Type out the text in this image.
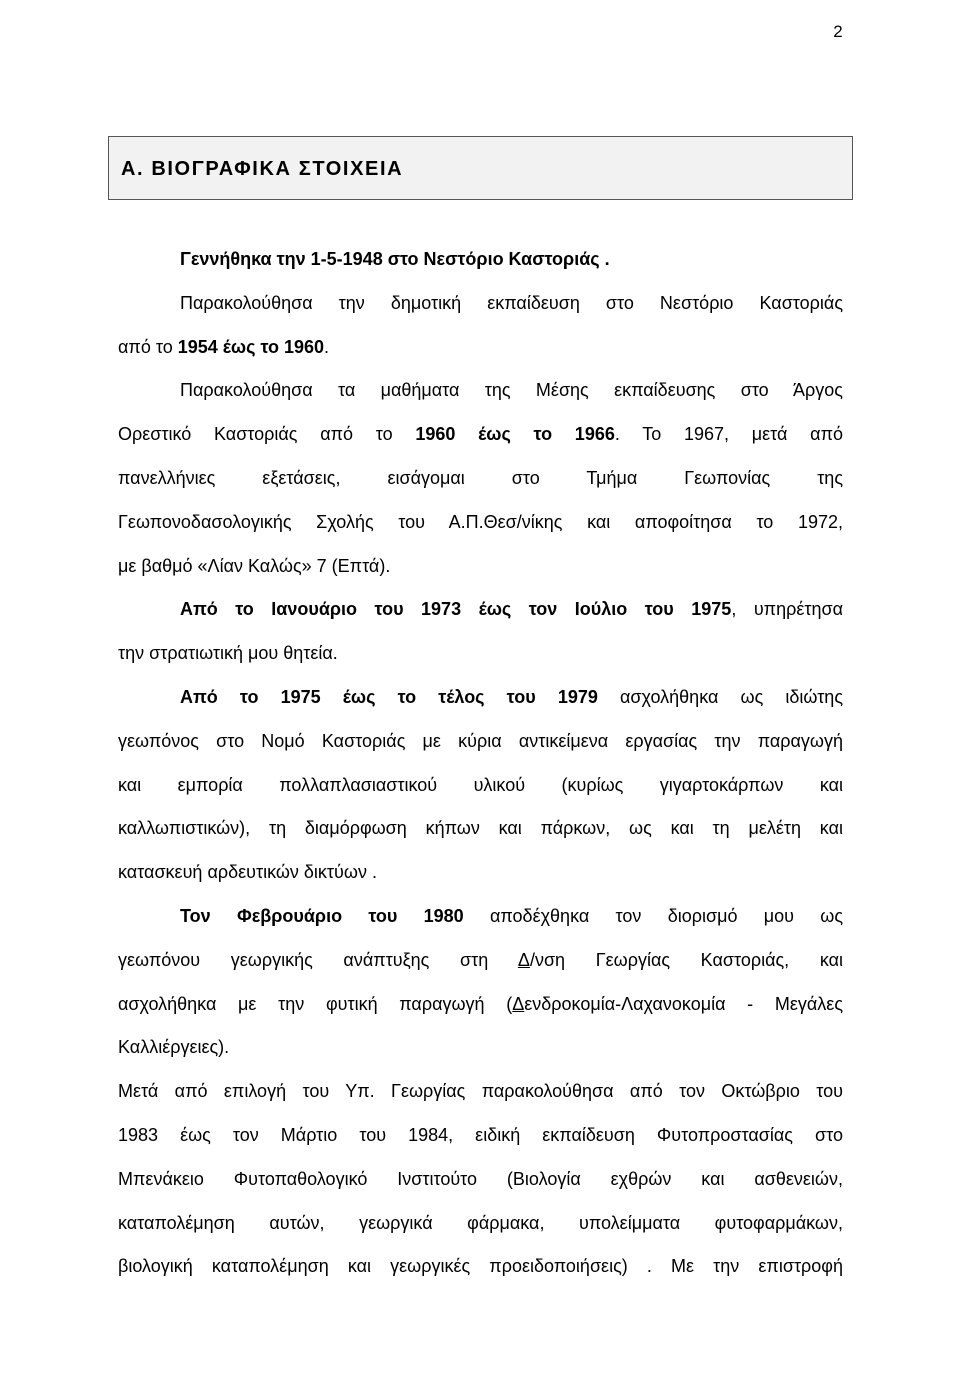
2
Α. ΒΙΟΓΡΑΦΙΚΑ ΣΤΟΙΧΕΙΑ
Γεννήθηκα την 1-5-1948 στο Νεστόριο Καστοριάς .
Παρακολούθησα την δημοτική εκπαίδευση στο Νεστόριο Καστοριάς
από το 1954 έως το 1960.
Παρακολούθησα τα μαθήματα της Μέσης εκπαίδευσης στο Άργος
Ορεστικό Καστοριάς από το 1960 έως το 1966. Το 1967, μετά από
πανελλήνιες εξετάσεις, εισάγομαι στο Τμήμα Γεωπονίας της
Γεωπονοδασολογικής Σχολής του Α.Π.Θεσ/νίκης και αποφοίτησα το 1972,
με βαθμό «Λίαν Καλώς» 7 (Επτά).
Από το Ιανουάριο του 1973 έως τον Ιούλιο του 1975, υπηρέτησα
την στρατιωτική μου θητεία.
Από το 1975 έως το τέλος του 1979 ασχολήθηκα ως ιδιώτης
γεωπόνος στο Νομό Καστοριάς με κύρια αντικείμενα εργασίας την παραγωγή
και εμπορία πολλαπλασιαστικού υλικού (κυρίως γιγαρτοκάρπων και
καλλωπιστικών), τη διαμόρφωση κήπων και πάρκων, ως και τη μελέτη και
κατασκευή αρδευτικών δικτύων .
Τον Φεβρουάριο του 1980 αποδέχθηκα τον διορισμό μου ως
γεωπόνου γεωργικής ανάπτυξης στη Δ/νση Γεωργίας Καστοριάς, και
ασχολήθηκα με την φυτική παραγωγή (Δενδροκομία-Λαχανοκομία - Μεγάλες
Καλλιέργειες).
Μετά από επιλογή του Υπ. Γεωργίας παρακολούθησα από τον Οκτώβριο του
1983 έως τον Μάρτιο του 1984, ειδική εκπαίδευση Φυτοπροστασίας στο
Μπενάκειο Φυτοπαθολογικό Ινστιτούτο (Βιολογία εχθρών και ασθενειών,
καταπολέμηση αυτών, γεωργικά φάρμακα, υπολείμματα φυτοφαρμάκων,
βιολογική καταπολέμηση και γεωργικές προειδοποιήσεις) . Με την επιστροφή
